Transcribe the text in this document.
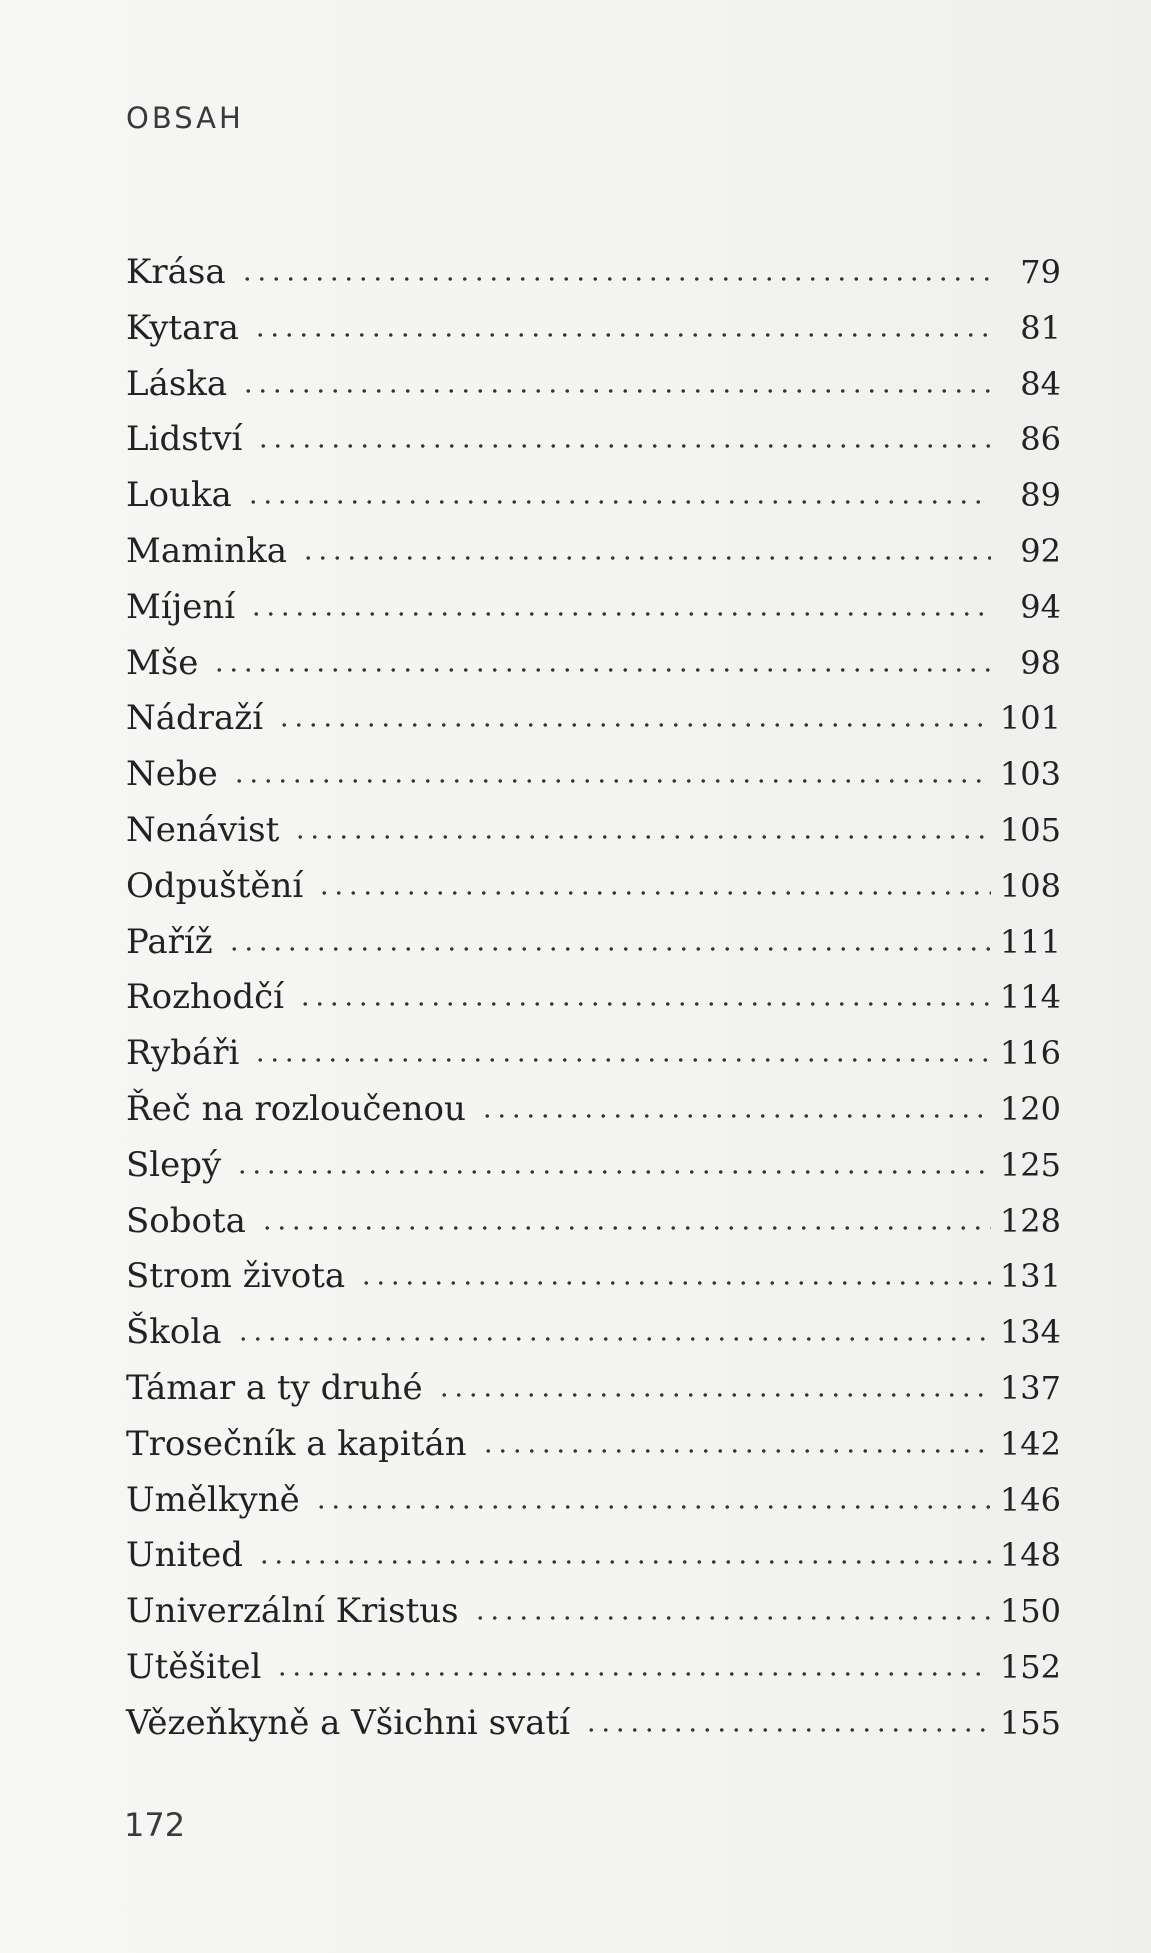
OBSAH
Krása	79
Kytara	81
Láska	84
Lidství	86
Louka	89
Maminka	92
Míjení	94
Mše	98
Nádraží	101
Nebe	103
Nenávist	105
Odpuštění	108
Paříž	111
Rozhodčí	114
Rybáři	116
Řeč na rozloučenou	120
Slepý	125
Sobota	128
Strom života	131
Škola	134
Támar a ty druhé	137
Trosečník a kapitán	142
Umělkyně	146
United	148
Univerzální Kristus	150
Utěšitel	152
Vězeňkyně a Všichni svatí	155
172
